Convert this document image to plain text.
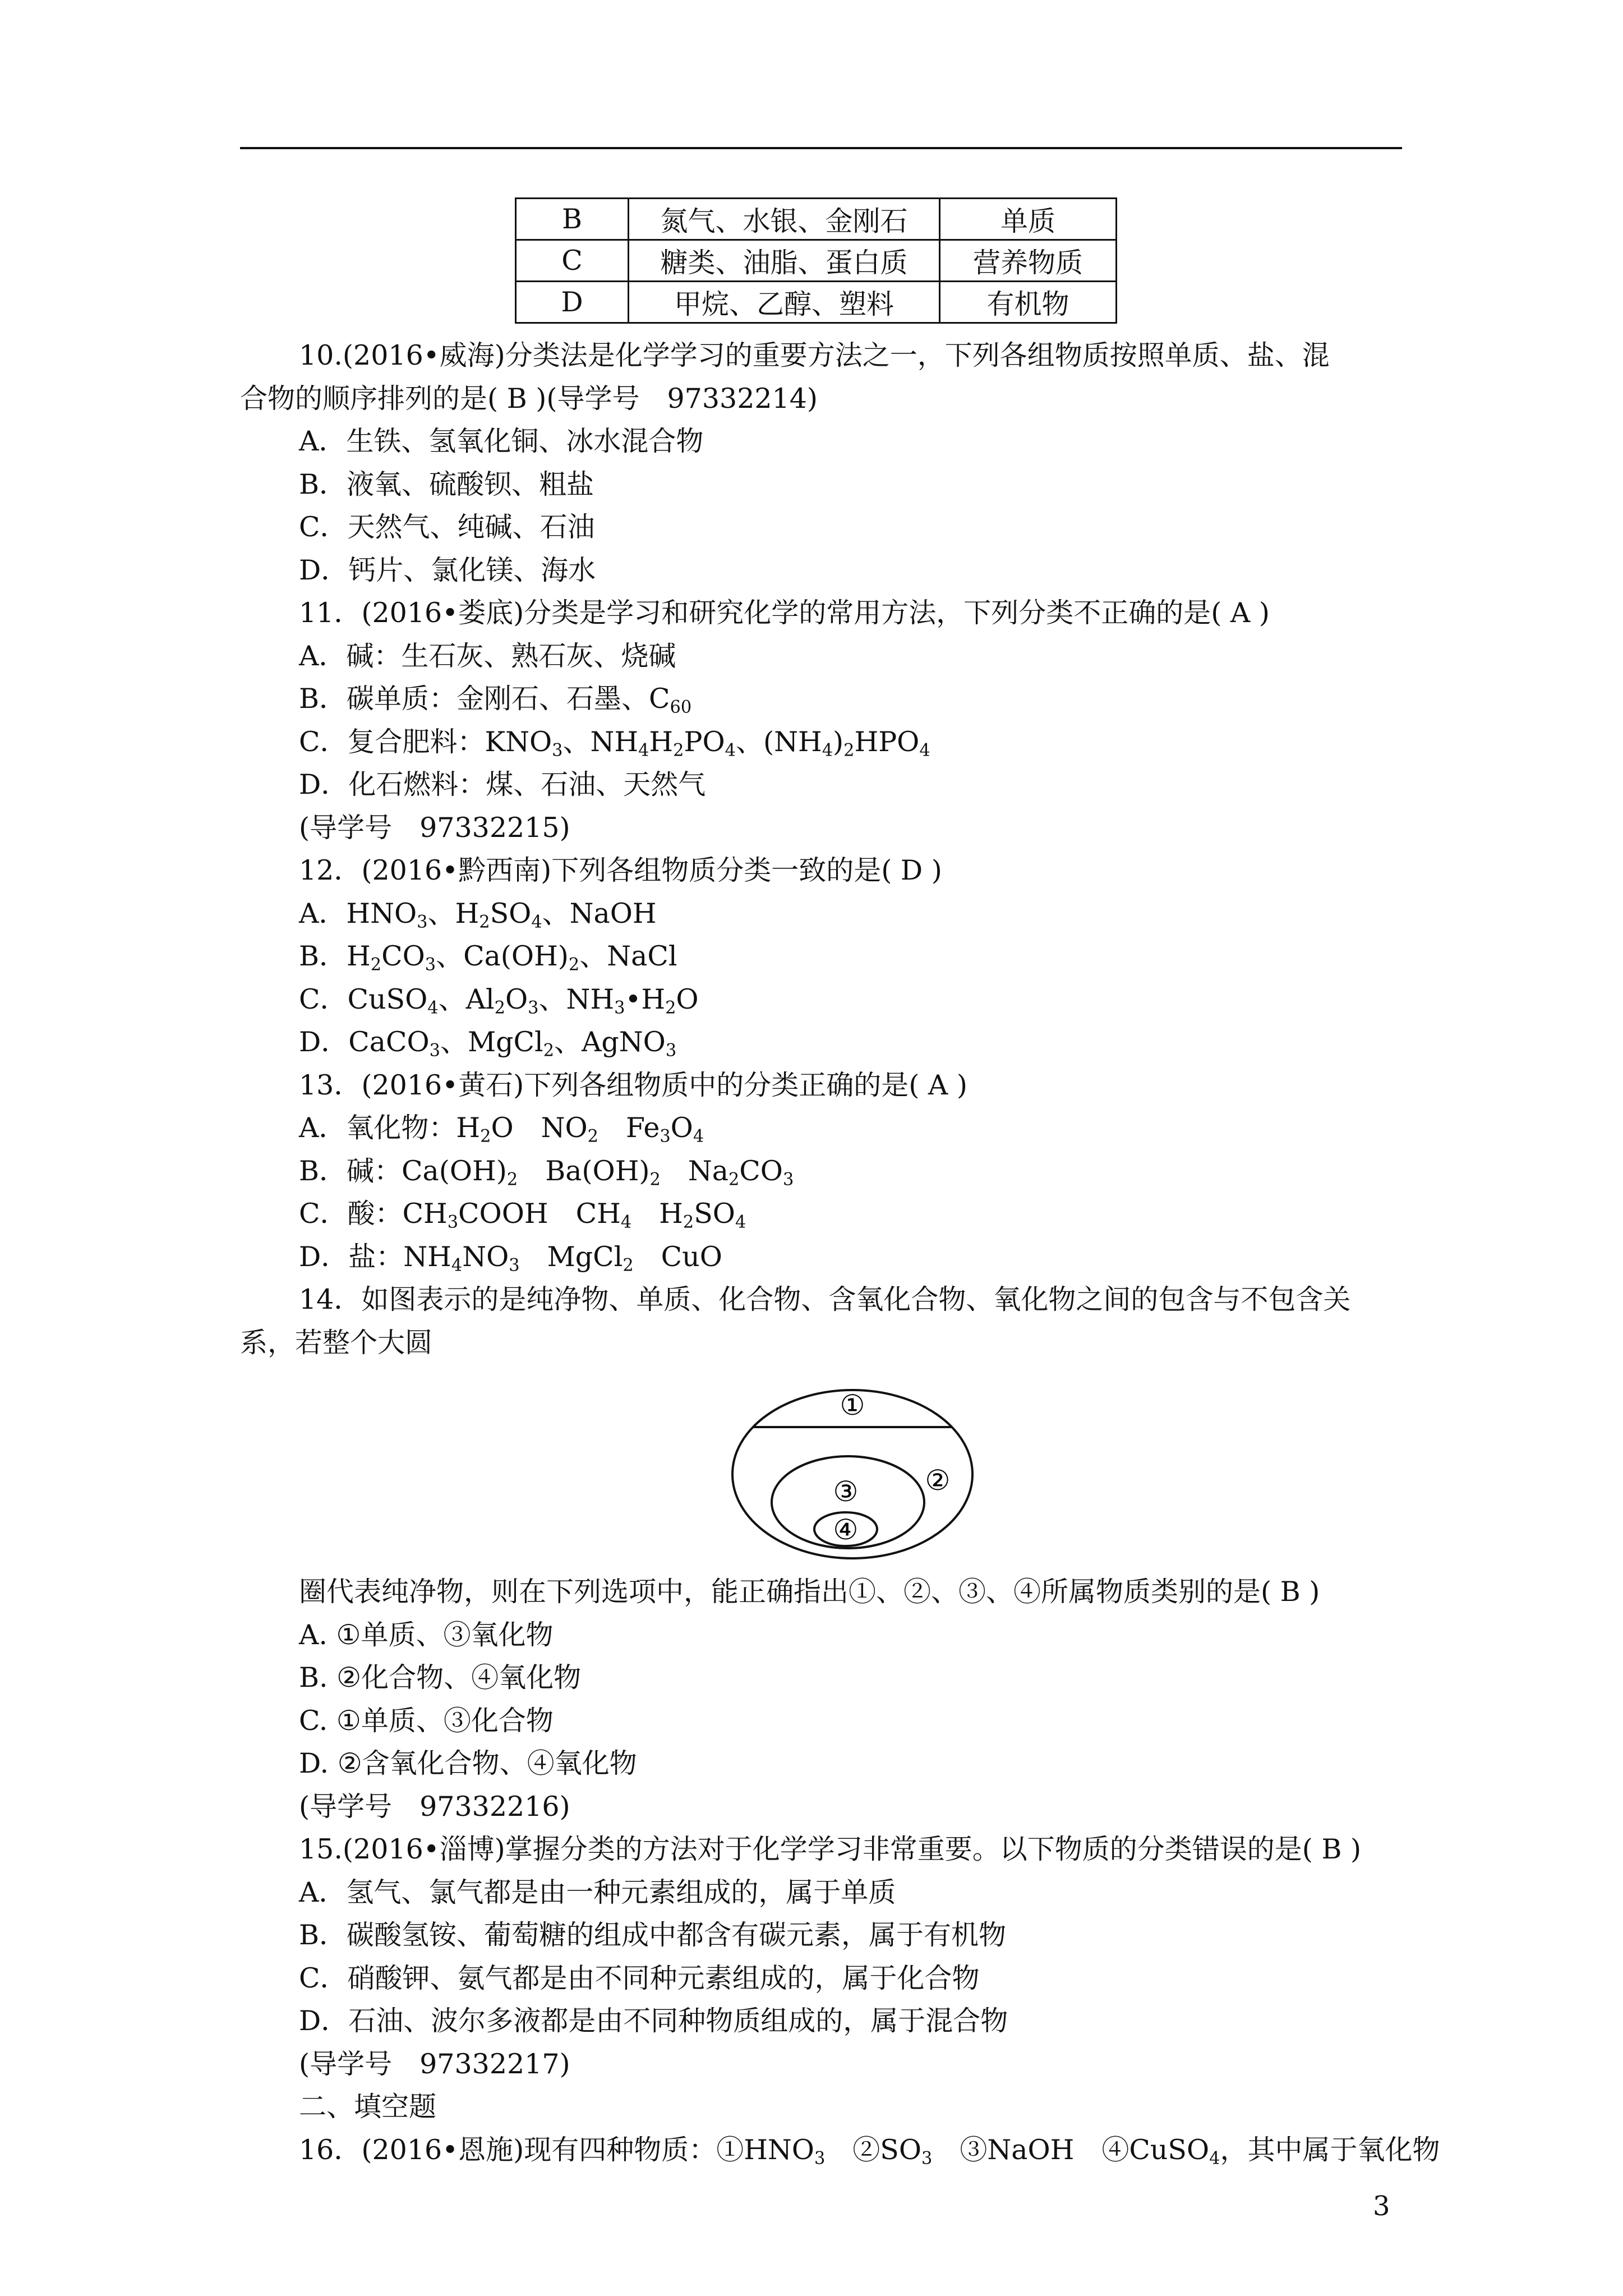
B	氮气、水银、金刚石	单质
C	糖类、油脂、蛋白质	营养物质
D	甲烷、乙醇、塑料	有机物
10.(2016•威海)分类法是化学学习的重要方法之一，下列各组物质按照单质、盐、混
合物的顺序排列的是( B )(导学号　97332214)
A．生铁、氢氧化铜、冰水混合物
B．液氧、硫酸钡、粗盐
C．天然气、纯碱、石油
D．钙片、氯化镁、海水
11．(2016•娄底)分类是学习和研究化学的常用方法，下列分类不正确的是( A )
A．碱：生石灰、熟石灰、烧碱
B．碳单质：金刚石、石墨、$C_{60}$
C．复合肥料：$KNO_3$、$NH_4H_2PO_4$、$(NH_4)_2HPO_4$
D．化石燃料：煤、石油、天然气
(导学号　97332215)
12．(2016•黔西南)下列各组物质分类一致的是( D )
A．$HNO_3$、$H_2SO_4$、NaOH
B．$H_2CO_3$、$Ca(OH)_2$、NaCl
C．CuSO$_4$、$Al_2O_3$、$NH_3•H_2O$
D．CaCO$_3$、MgCl$_2$、AgNO$_3$
13．(2016•黄石)下列各组物质中的分类正确的是( A )
A．氧化物：$H_2O$　$NO_2$　$Fe_3O_4$
B．碱：$Ca(OH)_2$　$Ba(OH)_2$　$Na_2CO_3$
C．酸：$CH_3COOH$　$CH_4$　$H_2SO_4$
D．盐：$NH_4NO_3$　MgCl$_2$　CuO
14．如图表示的是纯净物、单质、化合物、含氧化合物、氧化物之间的包含与不包含关
系，若整个大圆
①
②
③
④
圈代表纯净物，则在下列选项中，能正确指出①、②、③、④所属物质类别的是( B )
A. ①单质、③氧化物
B. ②化合物、④氧化物
C. ①单质、③化合物
D. ②含氧化合物、④氧化物
(导学号　97332216)
15.(2016•淄博)掌握分类的方法对于化学学习非常重要。以下物质的分类错误的是( B )
A．氢气、氯气都是由一种元素组成的，属于单质
B．碳酸氢铵、葡萄糖的组成中都含有碳元素，属于有机物
C．硝酸钾、氨气都是由不同种元素组成的，属于化合物
D．石油、波尔多液都是由不同种物质组成的，属于混合物
(导学号　97332217)
二、填空题
16．(2016•恩施)现有四种物质：$①HNO_3$　$②SO_3$　③NaOH　④CuSO$_4$，其中属于氧化物
3
